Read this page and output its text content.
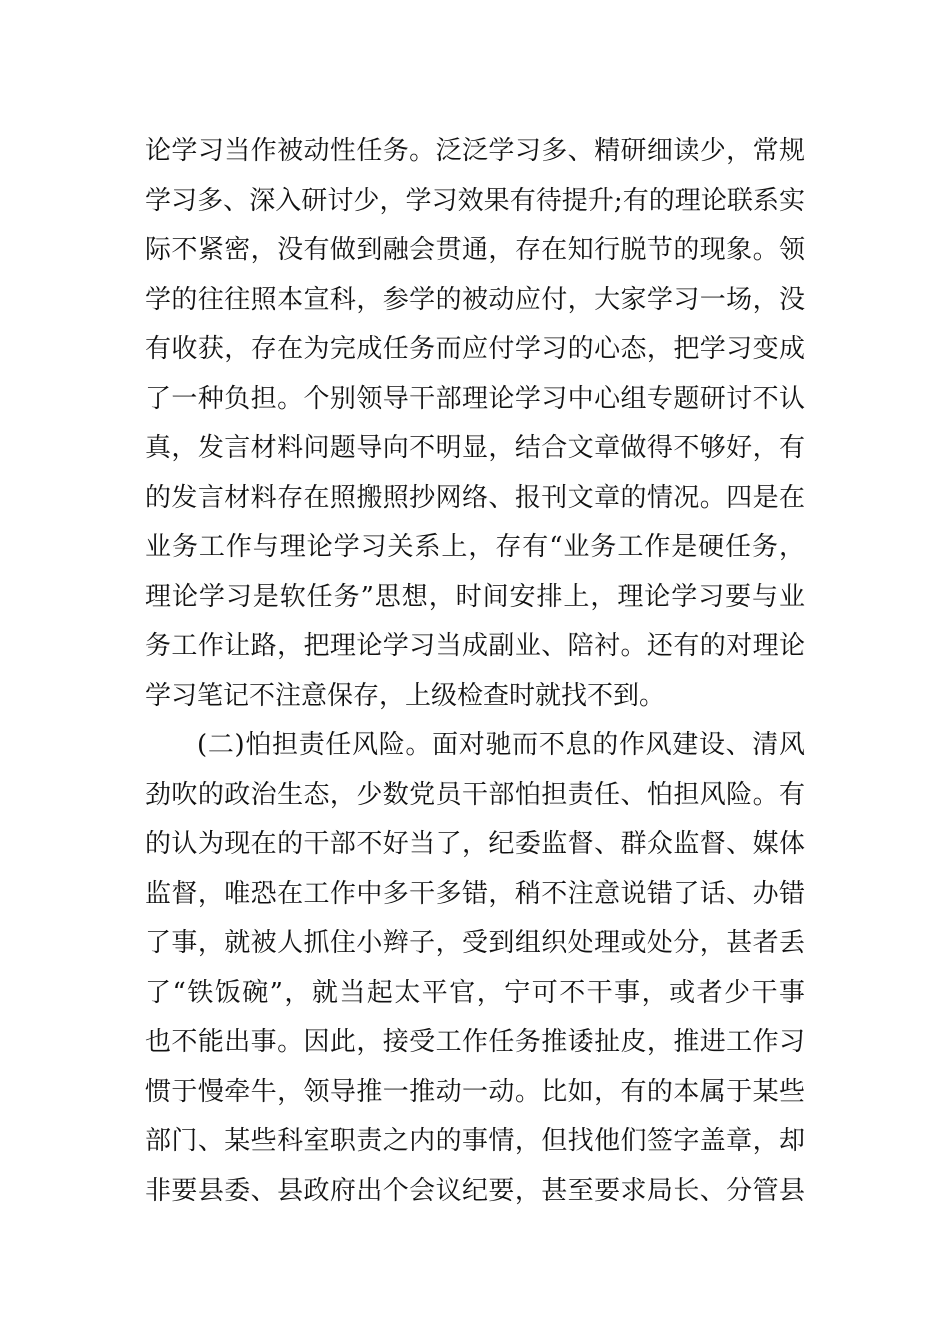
论学习当作被动性任务。泛泛学习多、精研细读少，常规
学习多、深入研讨少，学习效果有待提升;有的理论联系实
际不紧密，没有做到融会贯通，存在知行脱节的现象。领
学的往往照本宣科，参学的被动应付，大家学习一场，没
有收获，存在为完成任务而应付学习的心态，把学习变成
了一种负担。个别领导干部理论学习中心组专题研讨不认
真，发言材料问题导向不明显，结合文章做得不够好，有
的发言材料存在照搬照抄网络、报刊文章的情况。四是在
业务工作与理论学习关系上，存有“业务工作是硬任务，
理论学习是软任务”思想，时间安排上，理论学习要与业
务工作让路，把理论学习当成副业、陪衬。还有的对理论
学习笔记不注意保存，上级检查时就找不到。
(二)怕担责任风险。面对驰而不息的作风建设、清风
劲吹的政治生态，少数党员干部怕担责任、怕担风险。有
的认为现在的干部不好当了，纪委监督、群众监督、媒体
监督，唯恐在工作中多干多错，稍不注意说错了话、办错
了事，就被人抓住小辫子，受到组织处理或处分，甚者丢
了“铁饭碗”，就当起太平官，宁可不干事，或者少干事
也不能出事。因此，接受工作任务推诿扯皮，推进工作习
惯于慢牵牛，领导推一推动一动。比如，有的本属于某些
部门、某些科室职责之内的事情，但找他们签字盖章，却
非要县委、县政府出个会议纪要，甚至要求局长、分管县
